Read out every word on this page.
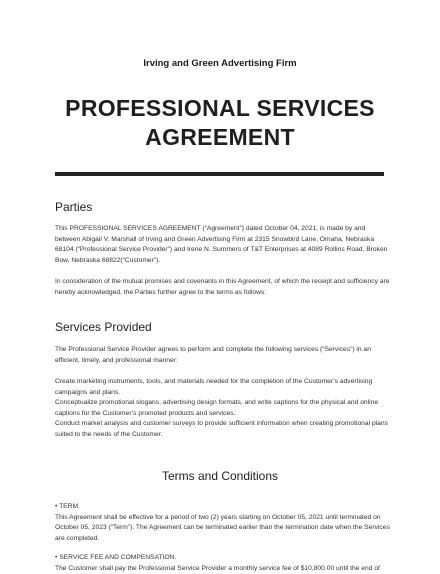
Irving and Green Advertising Firm
PROFESSIONAL SERVICES
AGREEMENT
Parties
This PROFESSIONAL SERVICES AGREEMENT (“Agreement”) dated October 04, 2021, is made by and between Abigail V. Marshall of Irving and Green Advertising Firm at 2315 Snowbird Lane, Omaha, Nebraska 68104 (“Professional Service Provider”) and Irene N. Summers of T&T Enterprises at 4089 Rollins Road, Broken Bow, Nebraska 68822(“Customer”).
In consideration of the mutual promises and covenants in this Agreement, of which the receipt and sufficiency are hereby acknowledged, the Parties further agree to the terms as follows:
Services Provided
The Professional Service Provider agrees to perform and complete the following services (“Services”) in an efficient, timely, and professional manner:
Create marketing instruments, tools, and materials needed for the completion of the Customer’s advertising campaigns and plans.
Conceptualize promotional slogans, advertising design formats, and write captions for the physical and online captions for the Customer’s promoted products and services.
Conduct market analysis and customer surveys to provide sufficient information when creating promotional plans suited to the needs of the Customer.
Terms and Conditions
• TERM.
This Agreement shall be effective for a period of two (2) years starting on October 05, 2021 until terminated on October 05, 2023 (“Term”). The Agreement can be terminated earlier than the termination date when the Services are completed.
• SERVICE FEE AND COMPENSATION.
The Customer shall pay the Professional Service Provider a monthly service fee of $10,800.00 until the end of
